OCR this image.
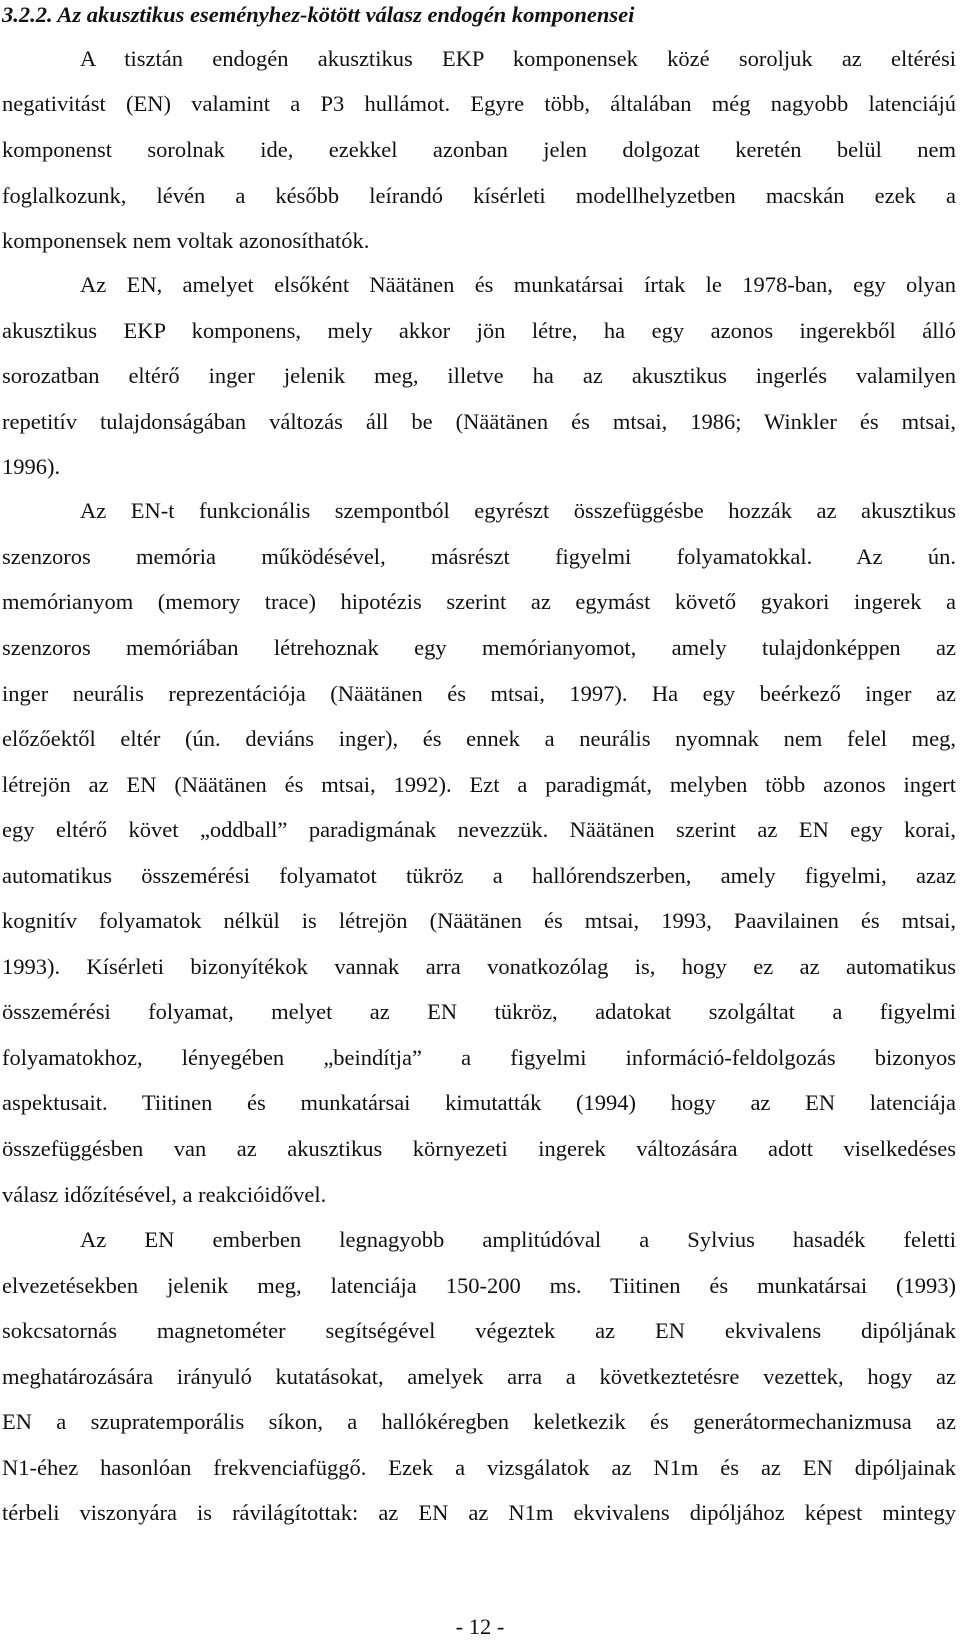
3.2.2. Az akusztikus eseményhez-kötött válasz endogén komponensei
A tisztán endogén akusztikus EKP komponensek közé soroljuk az eltérési
negativitást (EN) valamint a P3 hullámot. Egyre több, általában még nagyobb latenciájú
komponenst sorolnak ide, ezekkel azonban jelen dolgozat keretén belül nem
foglalkozunk, lévén a később leírandó kísérleti modellhelyzetben macskán ezek a
komponensek nem voltak azonosíthatók.
Az EN, amelyet elsőként Näätänen és munkatársai írtak le 1978-ban, egy olyan
akusztikus EKP komponens, mely akkor jön létre, ha egy azonos ingerekből álló
sorozatban eltérő inger jelenik meg, illetve ha az akusztikus ingerlés valamilyen
repetitív tulajdonságában változás áll be (Näätänen és mtsai, 1986; Winkler és mtsai,
1996).
Az EN-t funkcionális szempontból egyrészt összefüggésbe hozzák az akusztikus
szenzoros memória működésével, másrészt figyelmi folyamatokkal. Az ún.
memórianyom (memory trace) hipotézis szerint az egymást követő gyakori ingerek a
szenzoros memóriában létrehoznak egy memórianyomot, amely tulajdonképpen az
inger neurális reprezentációja (Näätänen és mtsai, 1997). Ha egy beérkező inger az
előzőektől eltér (ún. deviáns inger), és ennek a neurális nyomnak nem felel meg,
létrejön az EN (Näätänen és mtsai, 1992). Ezt a paradigmát, melyben több azonos ingert
egy eltérő követ „oddball” paradigmának nevezzük. Näätänen szerint az EN egy korai,
automatikus összemérési folyamatot tükröz a hallórendszerben, amely figyelmi, azaz
kognitív folyamatok nélkül is létrejön (Näätänen és mtsai, 1993, Paavilainen és mtsai,
1993). Kísérleti bizonyítékok vannak arra vonatkozólag is, hogy ez az automatikus
összemérési folyamat, melyet az EN tükröz, adatokat szolgáltat a figyelmi
folyamatokhoz, lényegében „beindítja” a figyelmi információ-feldolgozás bizonyos
aspektusait. Tiitinen és munkatársai kimutatták (1994) hogy az EN latenciája
összefüggésben van az akusztikus környezeti ingerek változására adott viselkedéses
válasz időzítésével, a reakcióidővel.
Az EN emberben legnagyobb amplitúdóval a Sylvius hasadék feletti
elvezetésekben jelenik meg, latenciája 150-200 ms. Tiitinen és munkatársai (1993)
sokcsatornás magnetométer segítségével végeztek az EN ekvivalens dipóljának
meghatározására irányuló kutatásokat, amelyek arra a következtetésre vezettek, hogy az
EN a szupratemporális síkon, a hallókéregben keletkezik és generátormechanizmusa az
N1-éhez hasonlóan frekvenciafüggő. Ezek a vizsgálatok az N1m és az EN dipóljainak
térbeli viszonyára is rávilágítottak: az EN az N1m ekvivalens dipóljához képest mintegy
- 12 -
